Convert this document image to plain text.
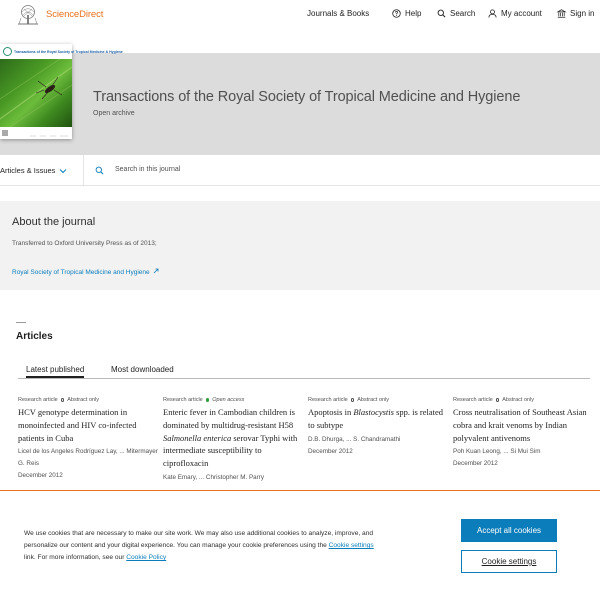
ScienceDirect	Journals & Books	Help	Search	My account	Sign in
Transactions of the Royal Society of Tropical Medicine & Hygiene
Transactions of the Royal Society of Tropical Medicine and Hygiene
Open archive
Articles & Issues	Search in this journal
About the journal
Transferred to Oxford University Press as of 2013;
Royal Society of Tropical Medicine and Hygiene
Articles
Latest published	Most downloaded
Research article Abstract only
HCV genotype determination in monoinfected and HIV co-infected patients in Cuba
Licel de los Angeles Rodríguez Lay, ... Mitermayer G. Reis
December 2012
Research article Open access
Enteric fever in Cambodian children is dominated by multidrug-resistant H58 Salmonella enterica serovar Typhi with intermediate susceptibility to ciprofloxacin
Kate Emary, ... Christopher M. Parry
Research article Abstract only
Apoptosis in Blastocystis spp. is related to subtype
D.B. Dhurga, ... S. Chandramathi
December 2012
Research article Abstract only
Cross neutralisation of Southeast Asian cobra and krait venoms by Indian polyvalent antivenoms
Poh Kuan Leong, ... Si Mui Sim
December 2012
We use cookies that are necessary to make our site work. We may also use additional cookies to analyze, improve, and personalize our content and your digital experience. You can manage your cookie preferences using the Cookie settings link. For more information, see our Cookie Policy
Accept all cookies
Cookie settings
